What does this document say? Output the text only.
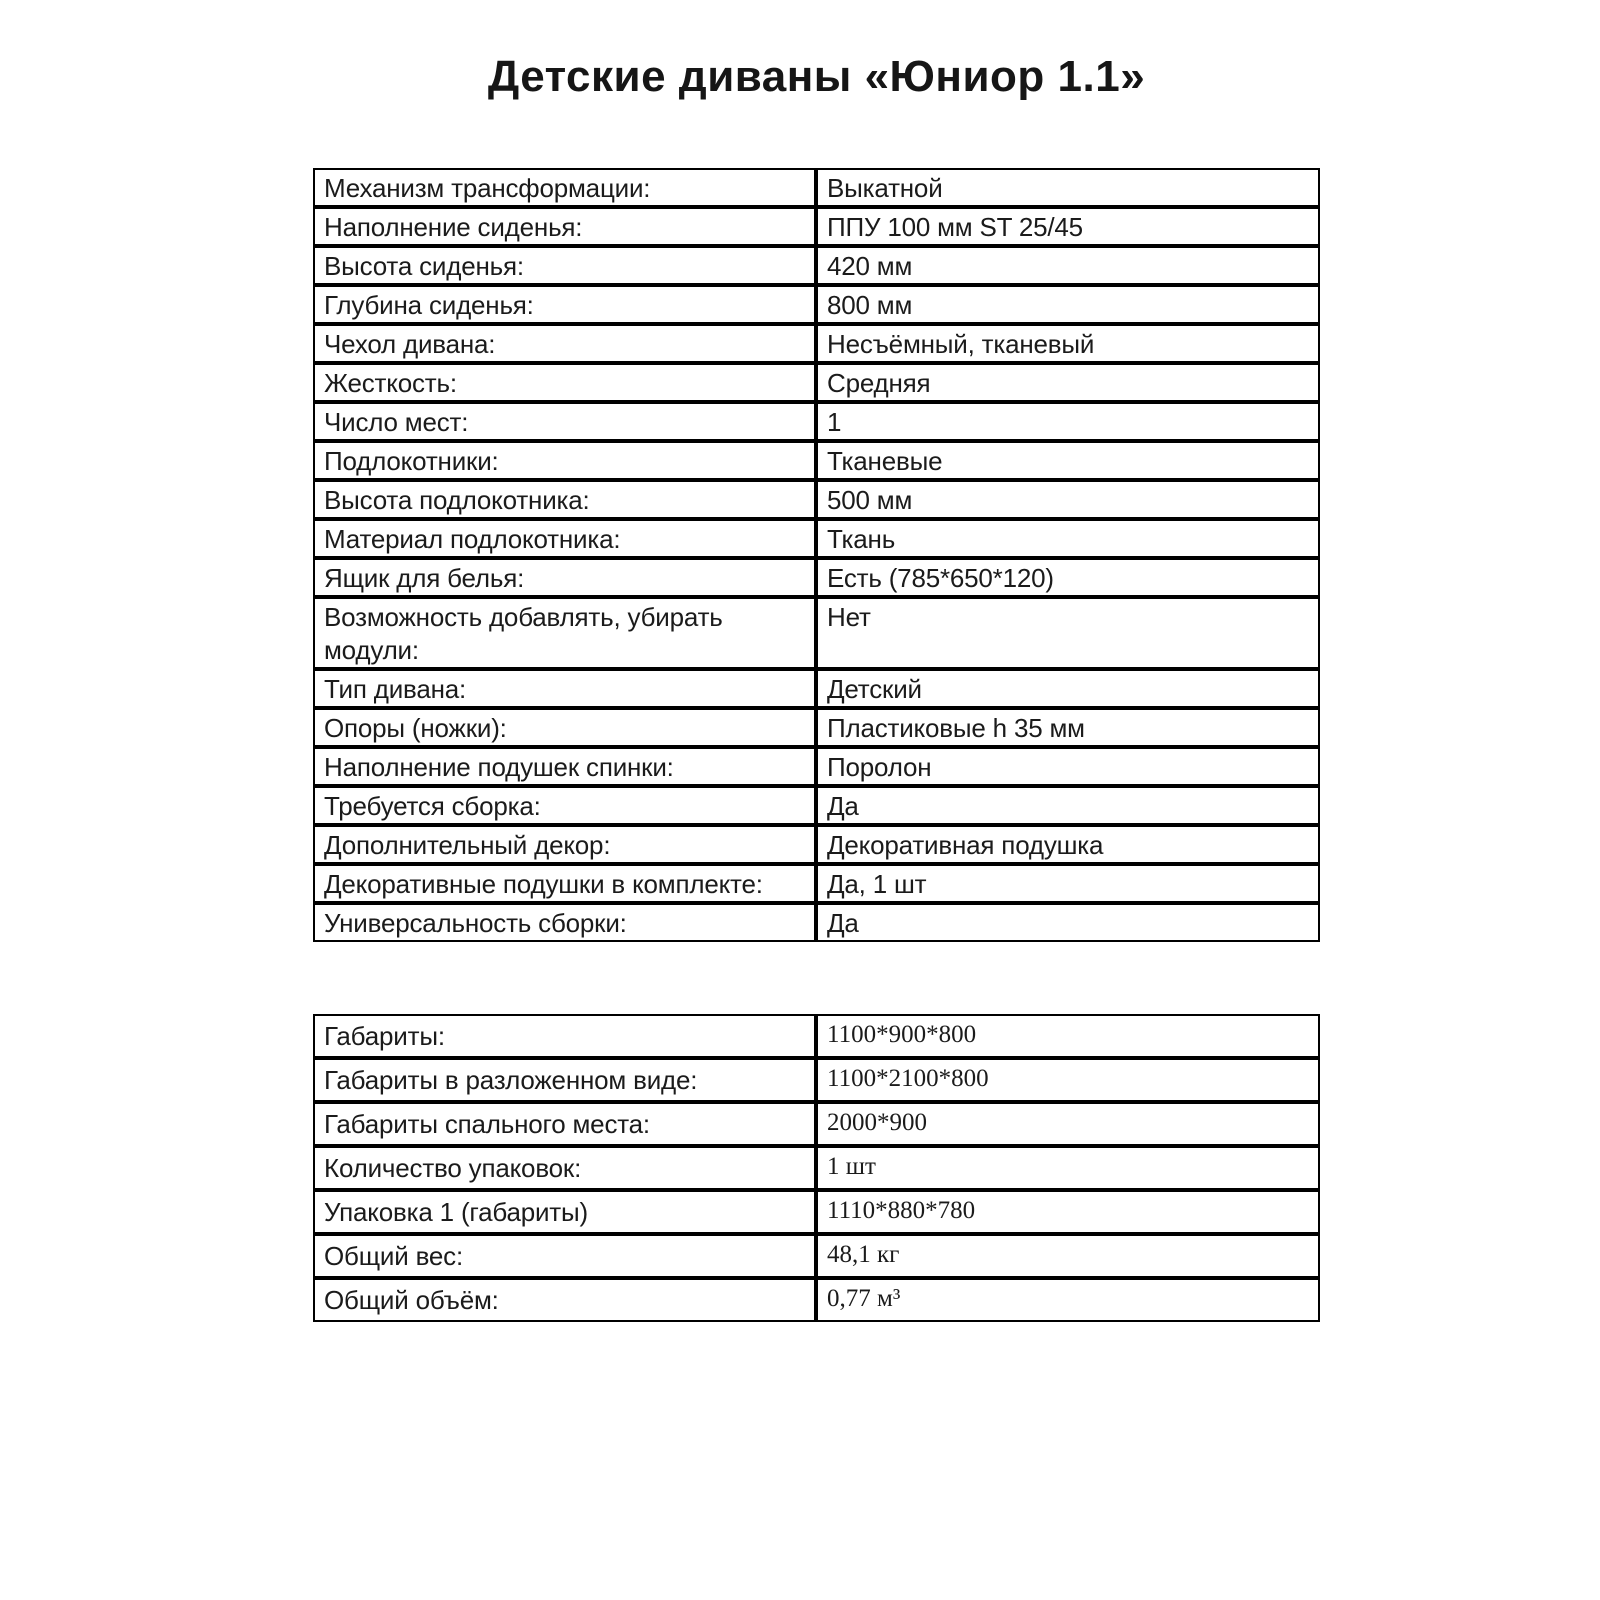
Детские диваны «Юниор 1.1»
Механизм трансформации:	Выкатной
Наполнение сиденья:	ППУ 100 мм ST 25/45
Высота сиденья:	420 мм
Глубина сиденья:	800 мм
Чехол дивана:	Несъёмный, тканевый
Жесткость:	Средняя
Число мест:	1
Подлокотники:	Тканевые
Высота подлокотника:	500 мм
Материал подлокотника:	Ткань
Ящик для белья:	Есть (785*650*120)
Возможность добавлять, убирать модули:	Нет
Тип дивана:	Детский
Опоры (ножки):	Пластиковые h 35 мм
Наполнение подушек спинки:	Поролон
Требуется сборка:	Да
Дополнительный декор:	Декоративная подушка
Декоративные подушки в комплекте:	Да, 1 шт
Универсальность сборки:	Да
Габариты:	1100*900*800
Габариты в разложенном виде:	1100*2100*800
Габариты спального места:	2000*900
Количество упаковок:	1 шт
Упаковка 1 (габариты)	1110*880*780
Общий вес:	48,1 кг
Общий объём:	0,77 м³
